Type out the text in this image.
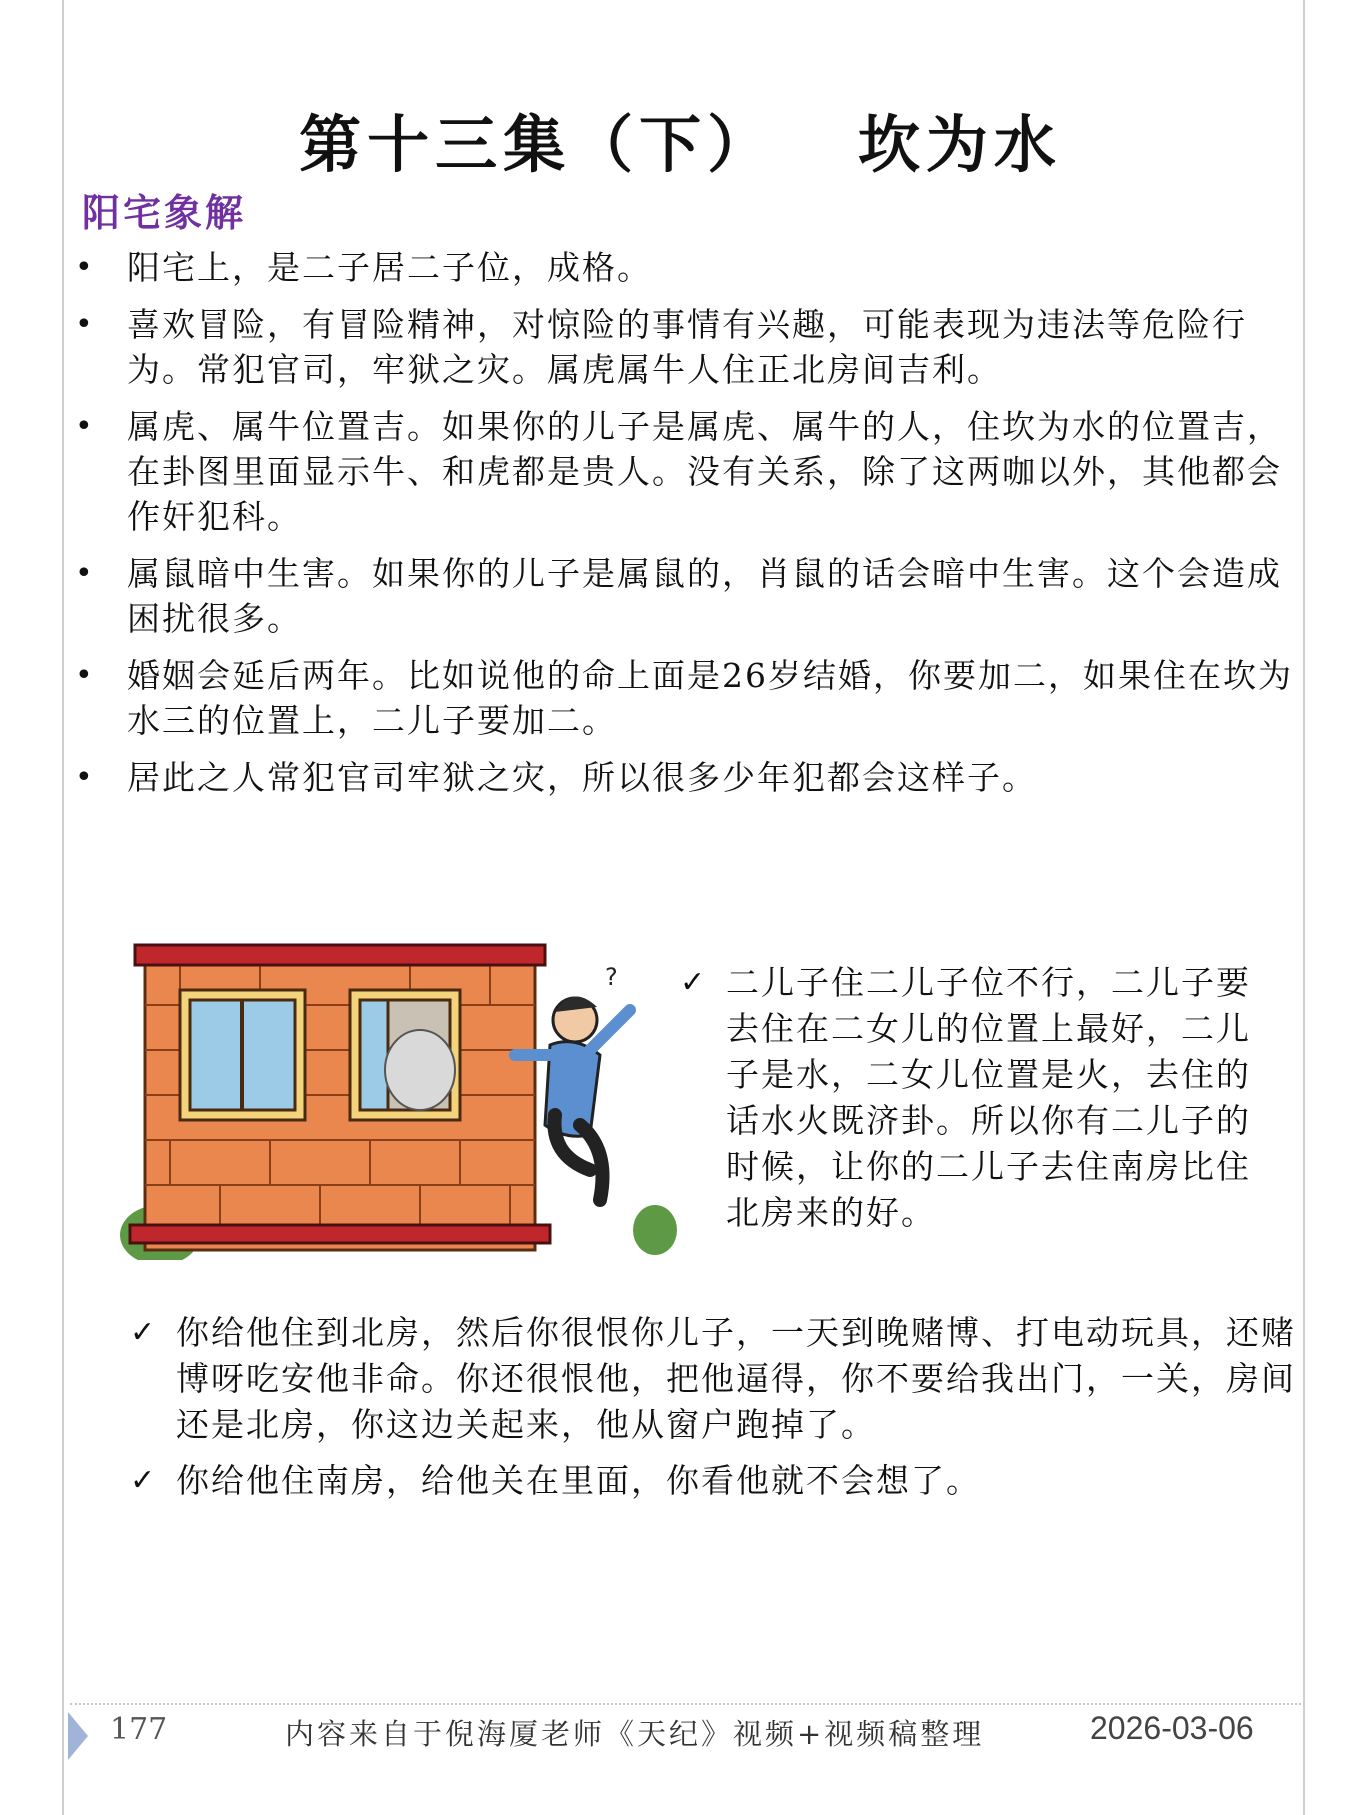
第十三集（下）   坎为水
阳宅象解
• 阳宅上，是二子居二子位，成格。
• 喜欢冒险，有冒险精神，对惊险的事情有兴趣，可能表现为违法等危险行为。常犯官司，牢狱之灾。属虎属牛人住正北房间吉利。
• 属虎、属牛位置吉。如果你的儿子是属虎、属牛的人，住坎为水的位置吉，在卦图里面显示牛、和虎都是贵人。没有关系，除了这两咖以外，其他都会作奸犯科。
• 属鼠暗中生害。如果你的儿子是属鼠的，肖鼠的话会暗中生害。这个会造成困扰很多。
• 婚姻会延后两年。比如说他的命上面是26岁结婚，你要加二，如果住在坎为水三的位置上，二儿子要加二。
• 居此之人常犯官司牢狱之灾，所以很多少年犯都会这样子。
? ✓ 二儿子住二儿子位不行，二儿子要去住在二女儿的位置上最好，二儿子是水，二女儿位置是火，去住的话水火既济卦。所以你有二儿子的时候，让你的二儿子去住南房比住北房来的好。
✓ 你给他住到北房，然后你很恨你儿子，一天到晚赌博、打电动玩具，还赌博呀吃安他非命。你还很恨他，把他逼得，你不要给我出门，一关，房间还是北房，你这边关起来，他从窗户跑掉了。
✓ 你给他住南房，给他关在里面，你看他就不会想了。
177	内容来自于倪海厦老师《天纪》视频+视频稿整理	2026-03-06
